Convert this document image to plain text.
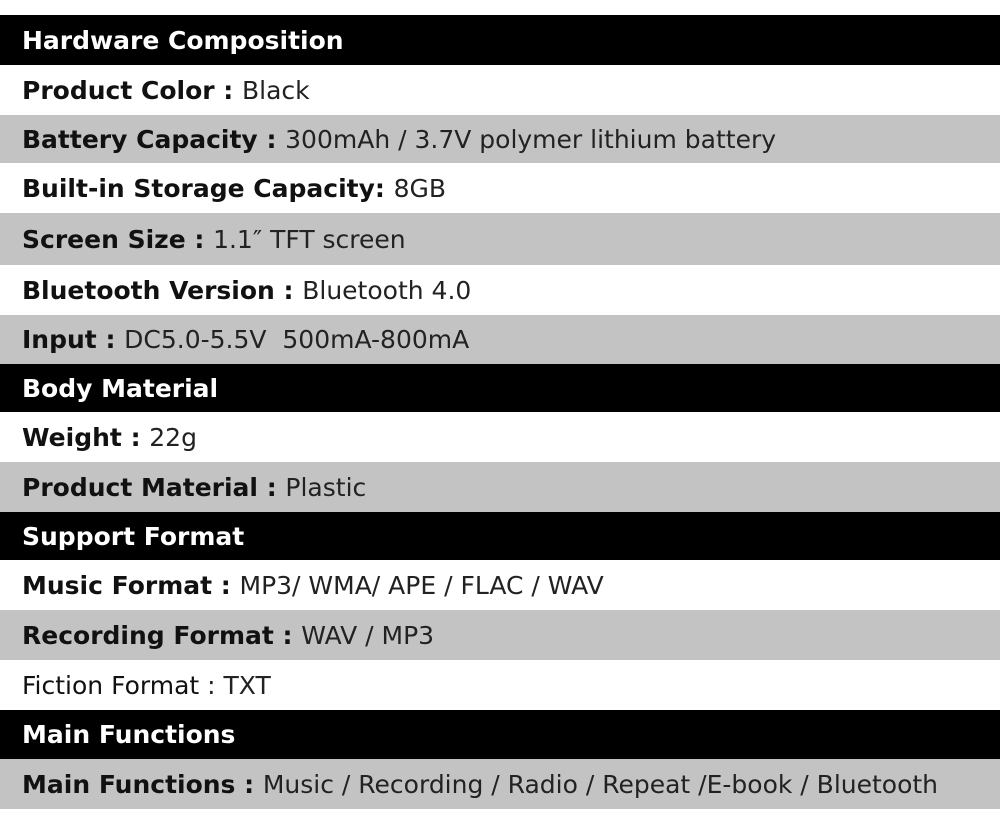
Hardware Composition
Product Color : Black
Battery Capacity : 300mAh / 3.7V polymer lithium battery
Built-in Storage Capacity : 8GB
Screen Size : 1.1″ TFT screen
Bluetooth Version : Bluetooth 4.0
Input : DC5.0-5.5V  500mA-800mA
Body Material
Weight : 22g
Product Material : Plastic
Support Format
Music Format : MP3/ WMA/ APE / FLAC / WAV
Recording Format : WAV / MP3
Fiction Format : TXT
Main Functions
Main Functions : Music / Recording / Radio / Repeat /E-book / Bluetooth
